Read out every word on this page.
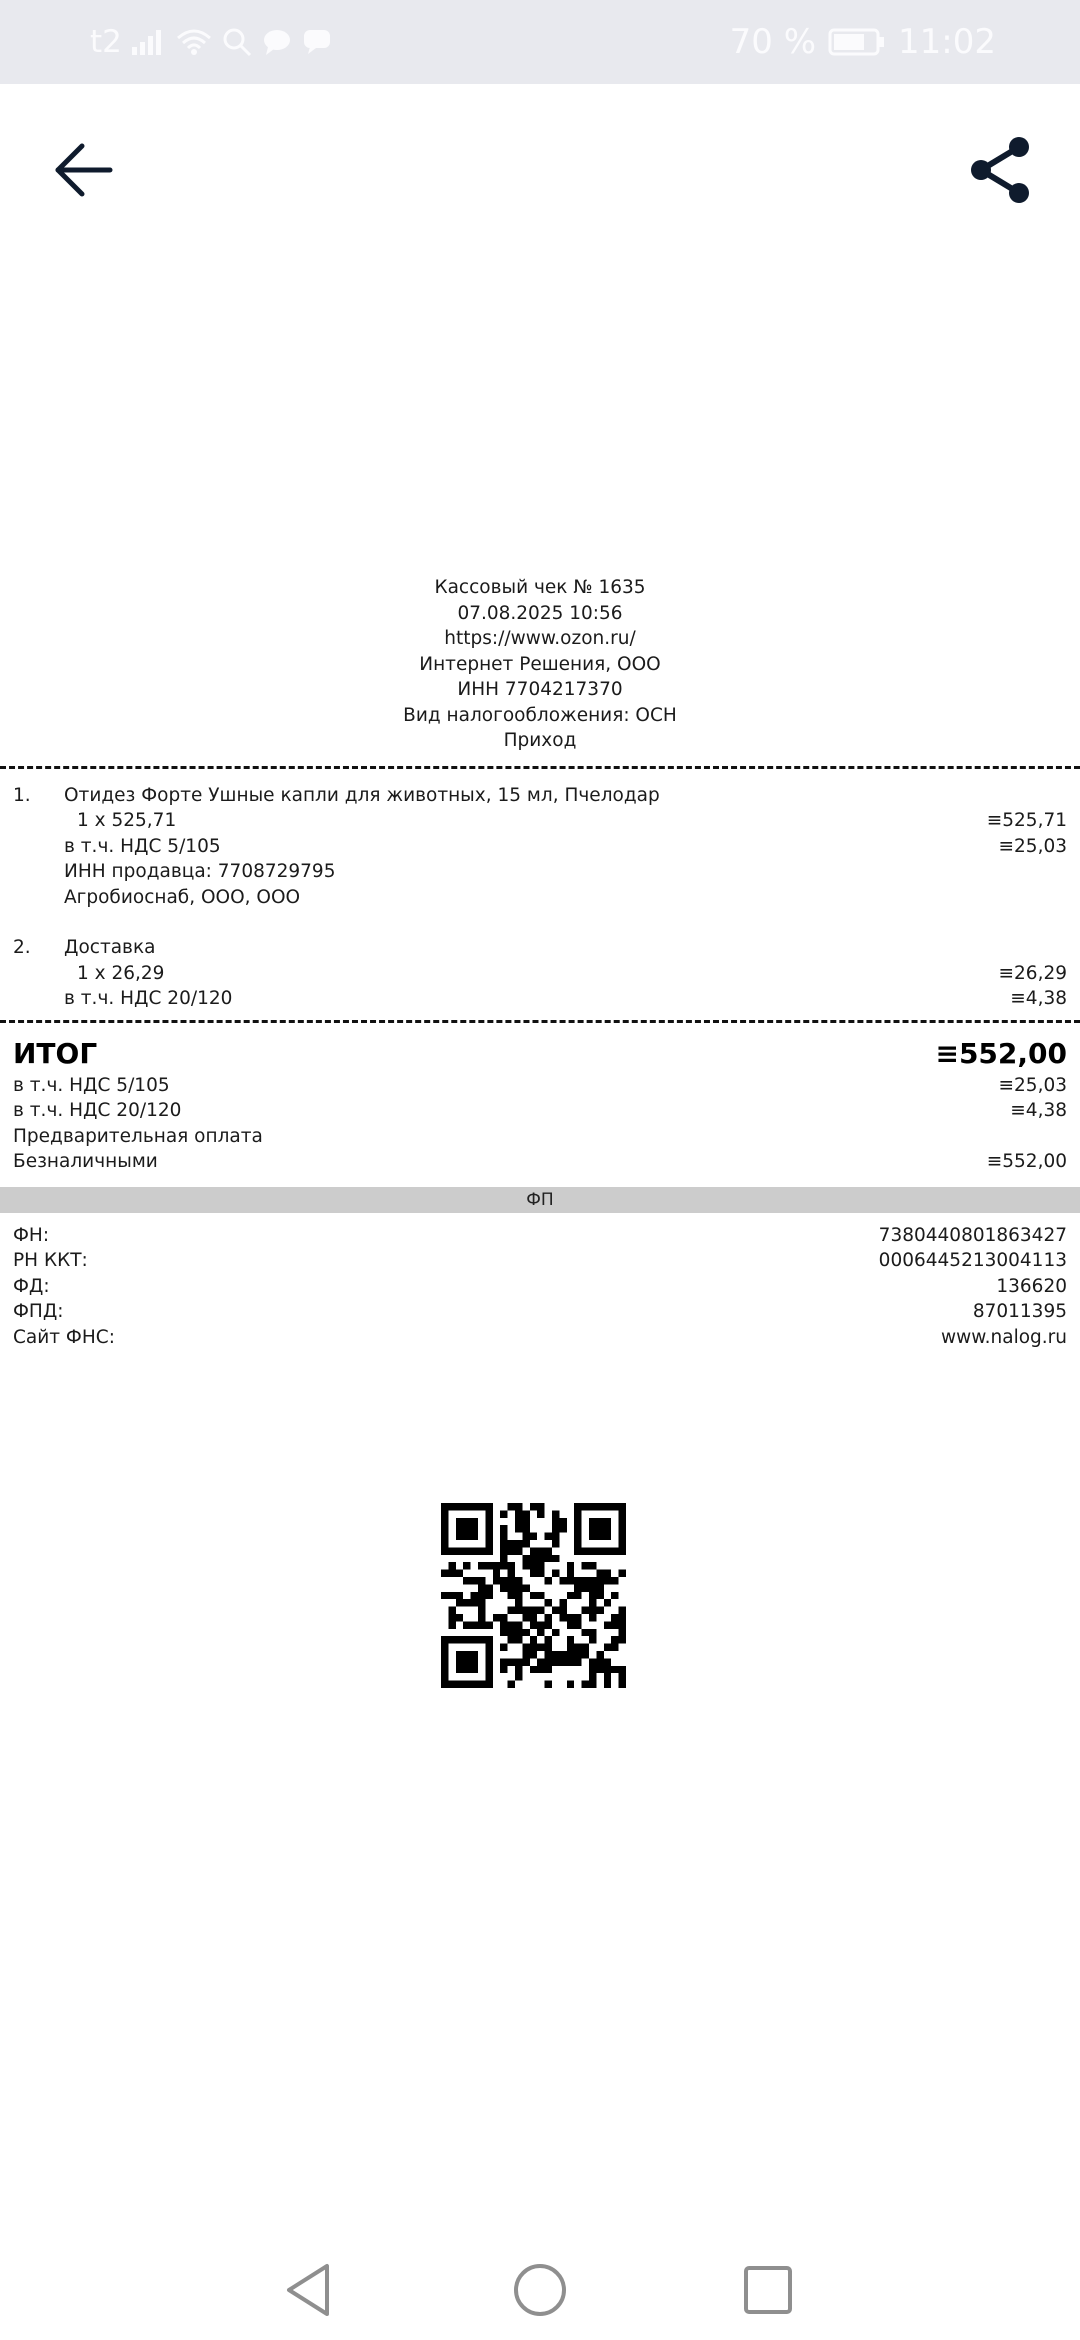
t2	70 % 11:02
Кассовый чек № 1635
07.08.2025 10:56
https://www.ozon.ru/
Интернет Решения, ООО
ИНН 7704217370
Вид налогообложения: ОСН
Приход
1.	Отидез Форте Ушные капли для животных, 15 мл, Пчелодар
1 x 525,71	≡525,71
в т.ч. НДС 5/105	≡25,03
ИНН продавца: 7708729795
Агробиоснаб, ООО, ООО
2.	Доставка
1 x 26,29	≡26,29
в т.ч. НДС 20/120	≡4,38
ИТОГ	≡552,00
в т.ч. НДС 5/105	≡25,03
в т.ч. НДС 20/120	≡4,38
Предварительная оплата
Безналичными	≡552,00
ФП
ФН:	7380440801863427
РН ККТ:	0006445213004113
ФД:	136620
ФПД:	87011395
Сайт ФНС:	www.nalog.ru
